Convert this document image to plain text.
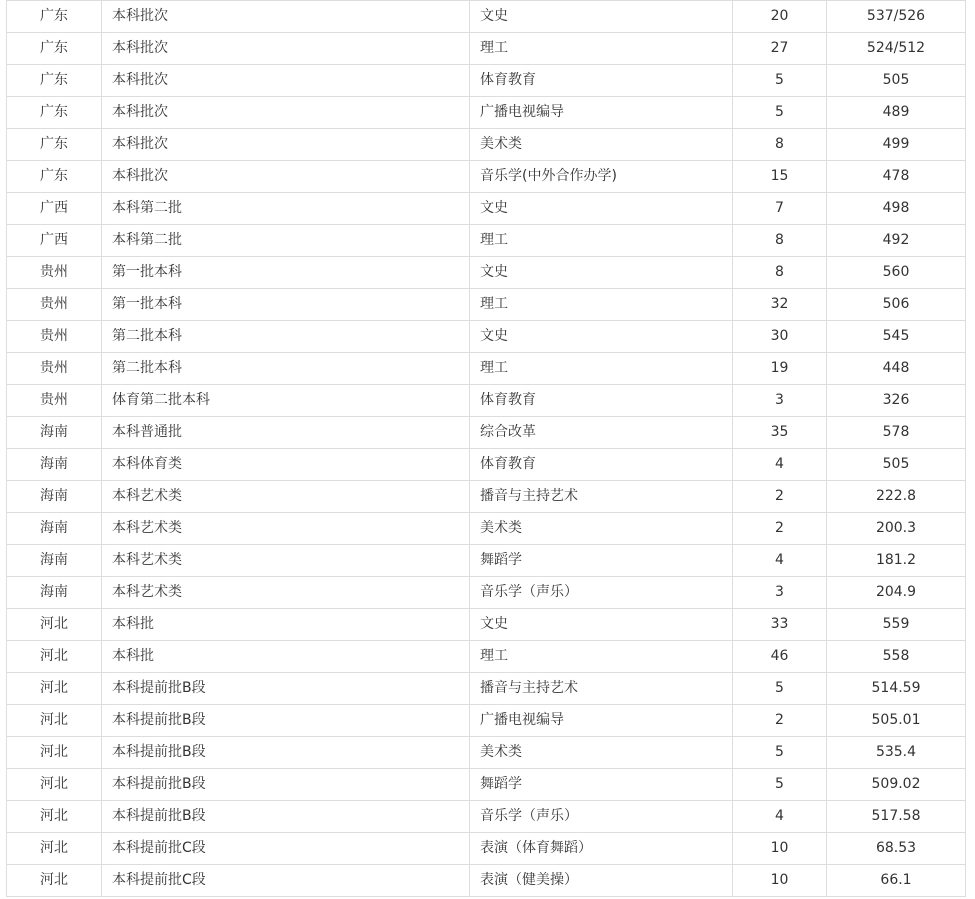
广东	本科批次	文史	20	537/526
广东	本科批次	理工	27	524/512
广东	本科批次	体育教育	5	505
广东	本科批次	广播电视编导	5	489
广东	本科批次	美术类	8	499
广东	本科批次	音乐学(中外合作办学)	15	478
广西	本科第二批	文史	7	498
广西	本科第二批	理工	8	492
贵州	第一批本科	文史	8	560
贵州	第一批本科	理工	32	506
贵州	第二批本科	文史	30	545
贵州	第二批本科	理工	19	448
贵州	体育第二批本科	体育教育	3	326
海南	本科普通批	综合改革	35	578
海南	本科体育类	体育教育	4	505
海南	本科艺术类	播音与主持艺术	2	222.8
海南	本科艺术类	美术类	2	200.3
海南	本科艺术类	舞蹈学	4	181.2
海南	本科艺术类	音乐学（声乐）	3	204.9
河北	本科批	文史	33	559
河北	本科批	理工	46	558
河北	本科提前批B段	播音与主持艺术	5	514.59
河北	本科提前批B段	广播电视编导	2	505.01
河北	本科提前批B段	美术类	5	535.4
河北	本科提前批B段	舞蹈学	5	509.02
河北	本科提前批B段	音乐学（声乐）	4	517.58
河北	本科提前批C段	表演（体育舞蹈）	10	68.53
河北	本科提前批C段	表演（健美操）	10	66.1
